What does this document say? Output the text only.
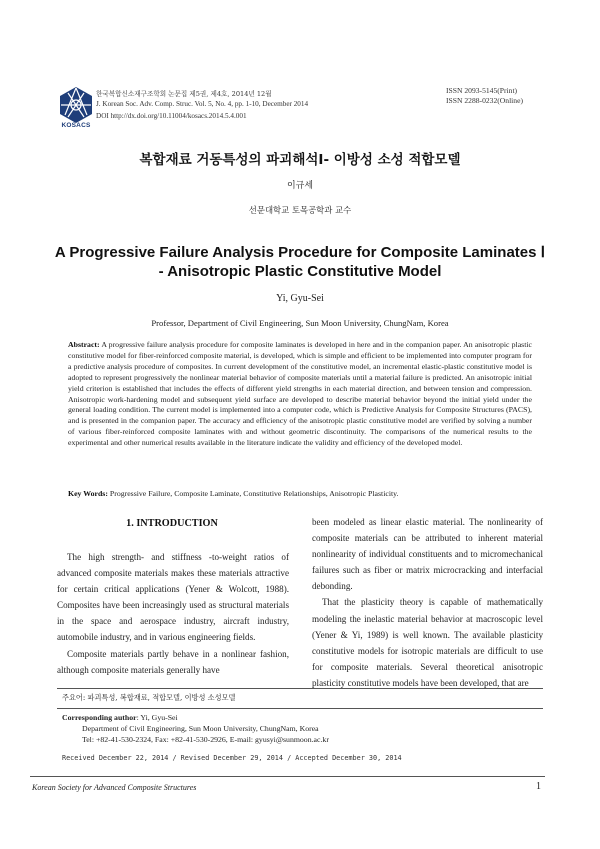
KOSACS
한국복합신소재구조학회 논문집 제5권, 제4호, 2014년 12월
J. Korean Soc. Adv. Comp. Struc. Vol. 5, No. 4, pp. 1-10, December 2014
DOI http://dx.doi.org/10.11004/kosacs.2014.5.4.001
ISSN 2093-5145(Print)
ISSN 2288-0232(Online)
복합재료 거동특성의 파괴해석Ⅰ- 이방성 소성 적합모델
이규세
선문대학교 토목공학과 교수
A Progressive Failure Analysis Procedure for Composite Laminates Ⅰ
- Anisotropic Plastic Constitutive Model
Yi, Gyu-Sei
Professor, Department of Civil Engineering, Sun Moon University, ChungNam, Korea
Abstract: A progressive failure analysis procedure for composite laminates is developed in here and in the companion paper. An anisotropic plastic constitutive model for fiber-reinforced composite material, is developed, which is simple and efficient to be implemented into computer program for a predictive analysis procedure of composites. In current development of the constitutive model, an incremental elastic-plastic constitutive model is adopted to represent progressively the nonlinear material behavior of composite materials until a material failure is predicted. An anisotropic initial yield criterion is established that includes the effects of different yield strengths in each material direction, and between tension and compression. Anisotropic work-hardening model and subsequent yield surface are developed to describe material behavior beyond the initial yield under the general loading condition. The current model is implemented into a computer code, which is Predictive Analysis for Composite Structures (PACS), and is presented in the companion paper. The accuracy and efficiency of the anisotropic plastic constitutive model are verified by solving a number of various fiber-reinforced composite laminates with and without geometric discontinuity. The comparisons of the numerical results to the experimental and other numerical results available in the literature indicate the validity and efficiency of the developed model.
Key Words: Progressive Failure, Composite Laminate, Constitutive Relationships, Anisotropic Plasticity.
1. INTRODUCTION

The high strength- and stiffness -to-weight ratios of advanced composite materials makes these materials attractive for certain critical applications (Yener & Wolcott, 1988). Composites have been increasingly used as structural materials in the space and aerospace industry, aircraft industry, automobile industry, and in various engineering fields.

Composite materials partly behave in a nonlinear fashion, although composite materials generally have

been modeled as linear elastic material. The nonlinearity of composite materials can be attributed to inherent material nonlinearity of individual constituents and to micromechanical failures such as fiber or matrix microcracking and interfacial debonding.

That the plasticity theory is capable of mathematically modeling the inelastic material behavior at macroscopic level (Yener & Yi, 1989) is well known. The available plasticity constitutive models for isotropic materials are difficult to use for composite materials. Several theoretical anisotropic plasticity constitutive models have been developed, that are

주요어: 파괴특성, 복합재료, 적합모델, 이방성 소성모델
Corresponding author: Yi, Gyu-Sei
Department of Civil Engineering, Sun Moon University, ChungNam, Korea
Tel: +82-41-530-2324, Fax: +82-41-530-2926, E-mail: gyusyi@sunmoon.ac.kr
Received December 22, 2014 / Revised December 29, 2014 / Accepted December 30, 2014
Korean Society for Advanced Composite Structures	1
